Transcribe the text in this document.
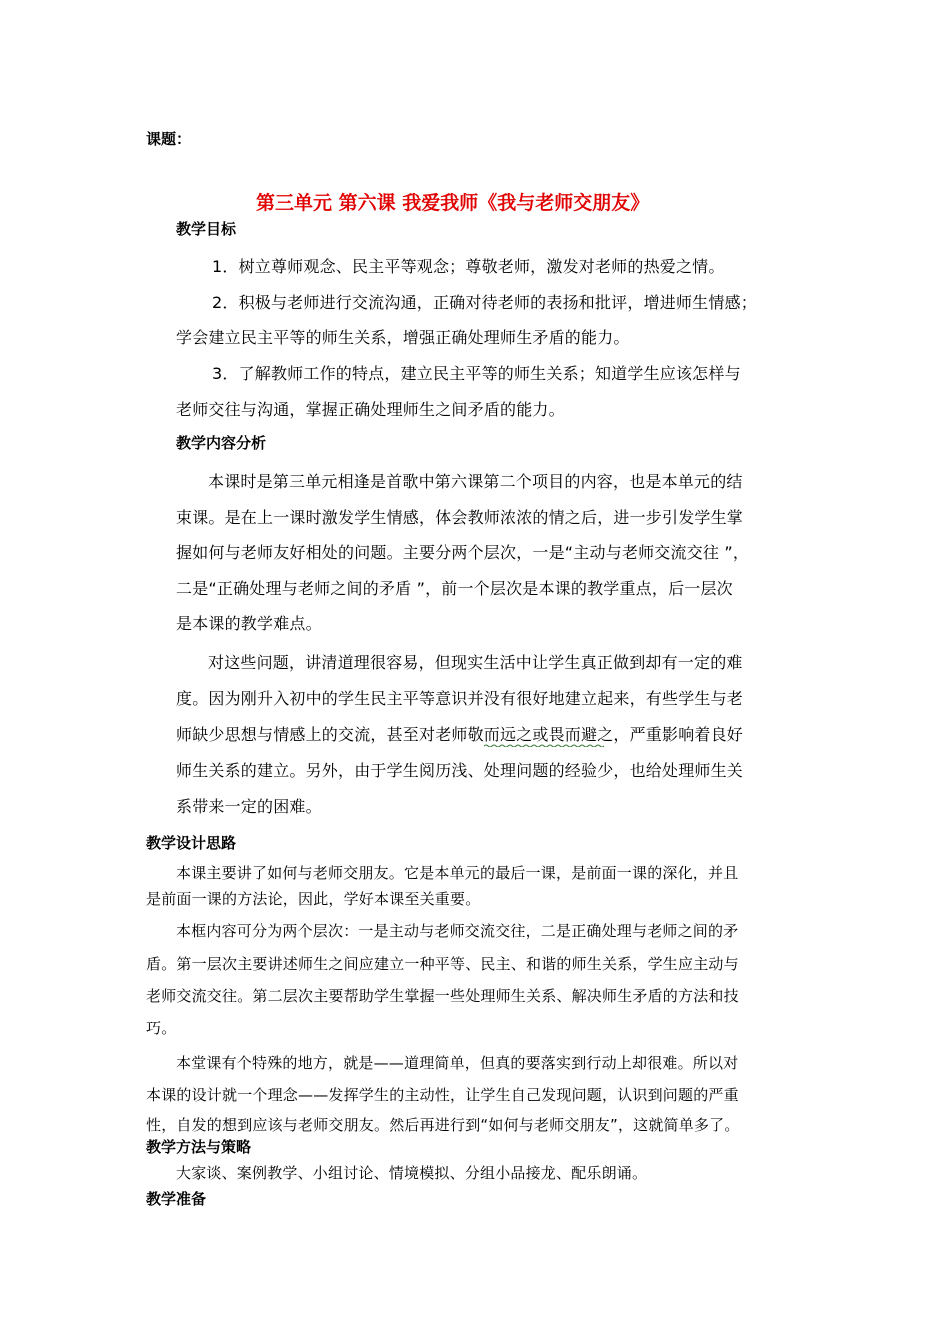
课题：
第三单元 第六课 我爱我师《我与老师交朋友》
教学目标
1．树立尊师观念、民主平等观念；尊敬老师，激发对老师的热爱之情。
2．积极与老师进行交流沟通，正确对待老师的表扬和批评，增进师生情感；
学会建立民主平等的师生关系，增强正确处理师生矛盾的能力。
3．了解教师工作的特点，建立民主平等的师生关系；知道学生应该怎样与
老师交往与沟通，掌握正确处理师生之间矛盾的能力。
教学内容分析
本课时是第三单元相逢是首歌中第六课第二个项目的内容，也是本单元的结
束课。是在上一课时激发学生情感，体会教师浓浓的情之后，进一步引发学生掌
握如何与老师友好相处的问题。主要分两个层次，一是“主动与老师交流交往 ”，
二是“正确处理与老师之间的矛盾 ”，前一个层次是本课的教学重点，后一层次
是本课的教学难点。
对这些问题，讲清道理很容易，但现实生活中让学生真正做到却有一定的难
度。因为刚升入初中的学生民主平等意识并没有很好地建立起来，有些学生与老
师缺少思想与情感上的交流，甚至对老师敬而远之或畏而避之，严重影响着良好
师生关系的建立。另外，由于学生阅历浅、处理问题的经验少，也给处理师生关
系带来一定的困难。
教学设计思路
本课主要讲了如何与老师交朋友。它是本单元的最后一课，是前面一课的深化，并且
是前面一课的方法论，因此，学好本课至关重要。
本框内容可分为两个层次：一是主动与老师交流交往，二是正确处理与老师之间的矛
盾。第一层次主要讲述师生之间应建立一种平等、民主、和谐的师生关系，学生应主动与
老师交流交往。第二层次主要帮助学生掌握一些处理师生关系、解决师生矛盾的方法和技
巧。
本堂课有个特殊的地方，就是——道理简单，但真的要落实到行动上却很难。所以对
本课的设计就一个理念——发挥学生的主动性，让学生自己发现问题，认识到问题的严重
性，自发的想到应该与老师交朋友。然后再进行到“如何与老师交朋友”，这就简单多了。
教学方法与策略
大家谈、案例教学、小组讨论、情境模拟、分组小品接龙、配乐朗诵。
教学准备
